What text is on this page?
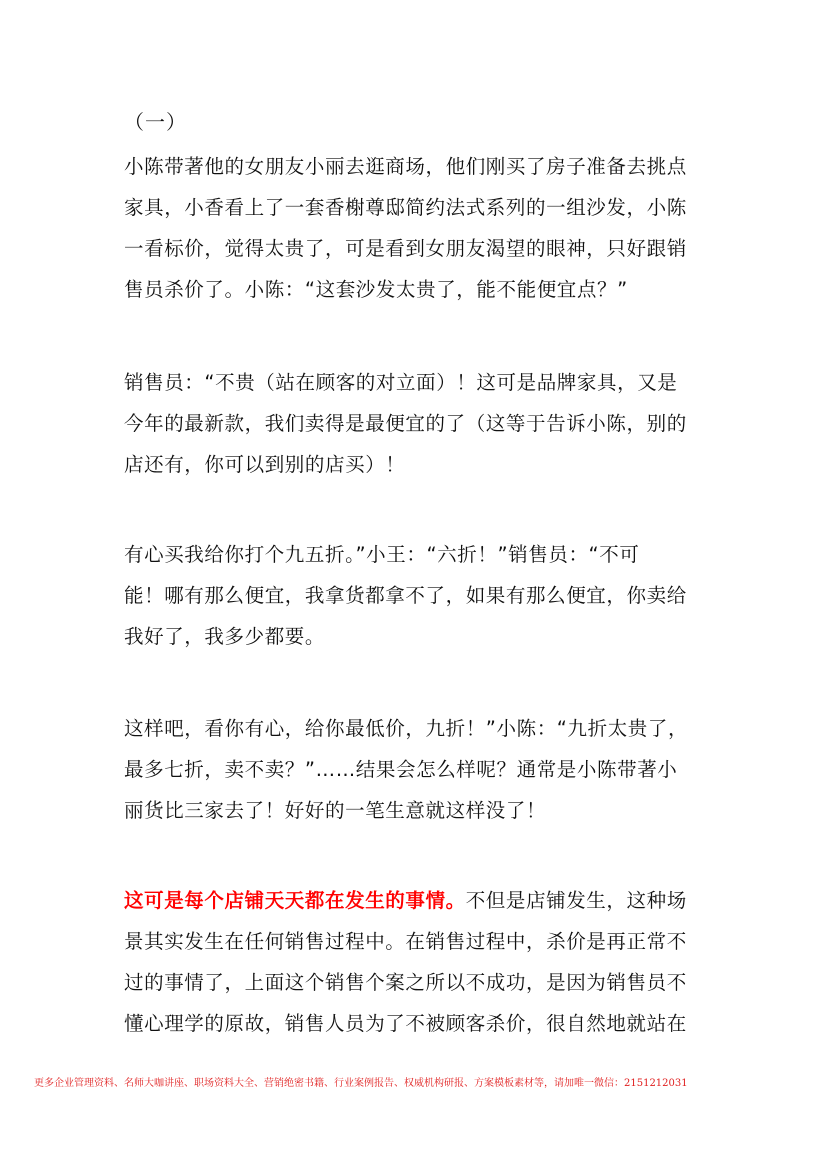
（一）
小陈带著他的女朋友小丽去逛商场，他们刚买了房子准备去挑点
家具，小香看上了一套香榭尊邸简约法式系列的一组沙发，小陈
一看标价，觉得太贵了，可是看到女朋友渴望的眼神，只好跟销
售员杀价了。小陈：“这套沙发太贵了，能不能便宜点？”
销售员：“不贵（站在顾客的对立面）！这可是品牌家具，又是
今年的最新款，我们卖得是最便宜的了（这等于告诉小陈，别的
店还有，你可以到别的店买）！
有心买我给你打个九五折。”小王：“六折！”销售员：“不可
能！哪有那么便宜，我拿货都拿不了，如果有那么便宜，你卖给
我好了，我多少都要。
这样吧，看你有心，给你最低价，九折！”小陈：“九折太贵了，
最多七折，卖不卖？”……结果会怎么样呢？通常是小陈带著小
丽货比三家去了！好好的一笔生意就这样没了！
这可是每个店铺天天都在发生的事情。不但是店铺发生，这种场
景其实发生在任何销售过程中。在销售过程中，杀价是再正常不
过的事情了，上面这个销售个案之所以不成功，是因为销售员不
懂心理学的原故，销售人员为了不被顾客杀价，很自然地就站在
更多企业管理资料、名师大咖讲座、职场资料大全、营销绝密书籍、行业案例报告、权威机构研报、方案模板素材等，请加唯一微信：2151212031
